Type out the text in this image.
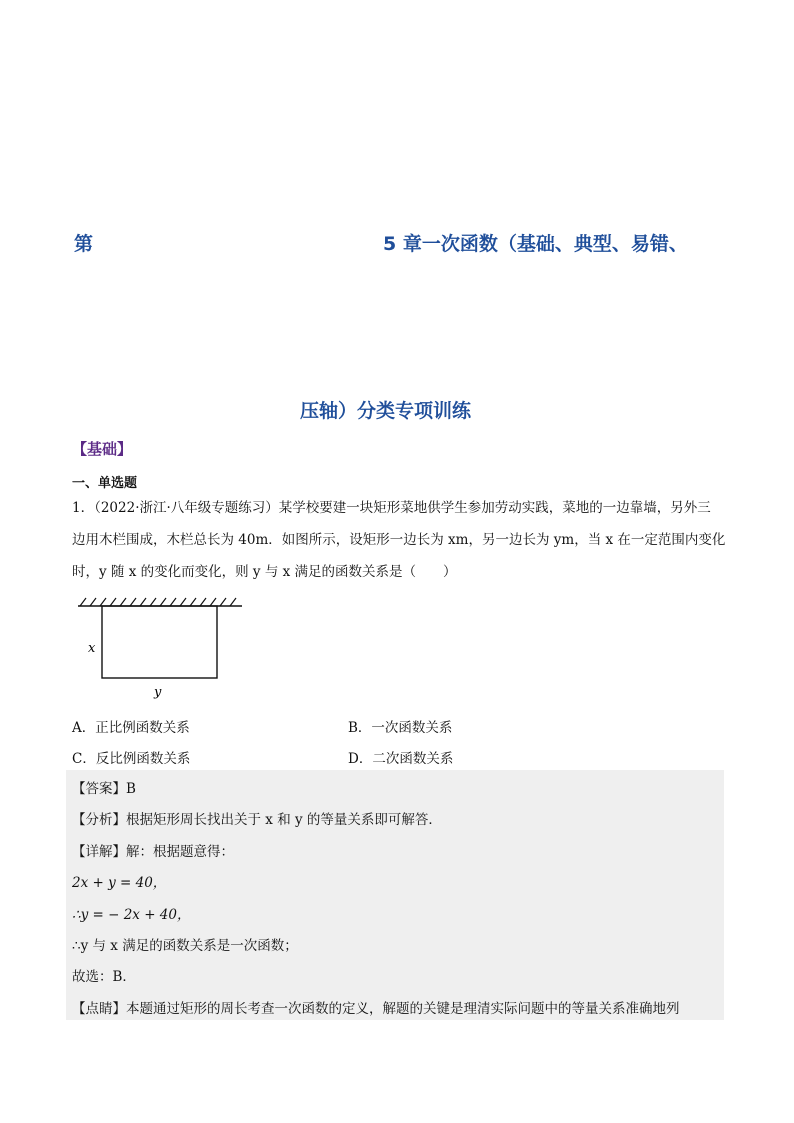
第	5 章一次函数（基础、典型、易错、
压轴）分类专项训练
【基础】
一、单选题
1．（2022·浙江·八年级专题练习）某学校要建一块矩形菜地供学生参加劳动实践，菜地的一边靠墙，另外三
边用木栏围成，木栏总长为 40m．如图所示，设矩形一边长为 xm，另一边长为 ym，当 x 在一定范围内变化
时，y 随 x 的变化而变化，则 y 与 x 满足的函数关系是（　　）
x
y
A．正比例函数关系	B．一次函数关系
C．反比例函数关系	D．二次函数关系
【答案】B
【分析】根据矩形周长找出关于 x 和 y 的等量关系即可解答．
【详解】解：根据题意得：
2x + y = 40，
∴y = − 2x + 40，
∴y 与 x 满足的函数关系是一次函数；
故选：B．
【点睛】本题通过矩形的周长考查一次函数的定义，解题的关键是理清实际问题中的等量关系准确地列
